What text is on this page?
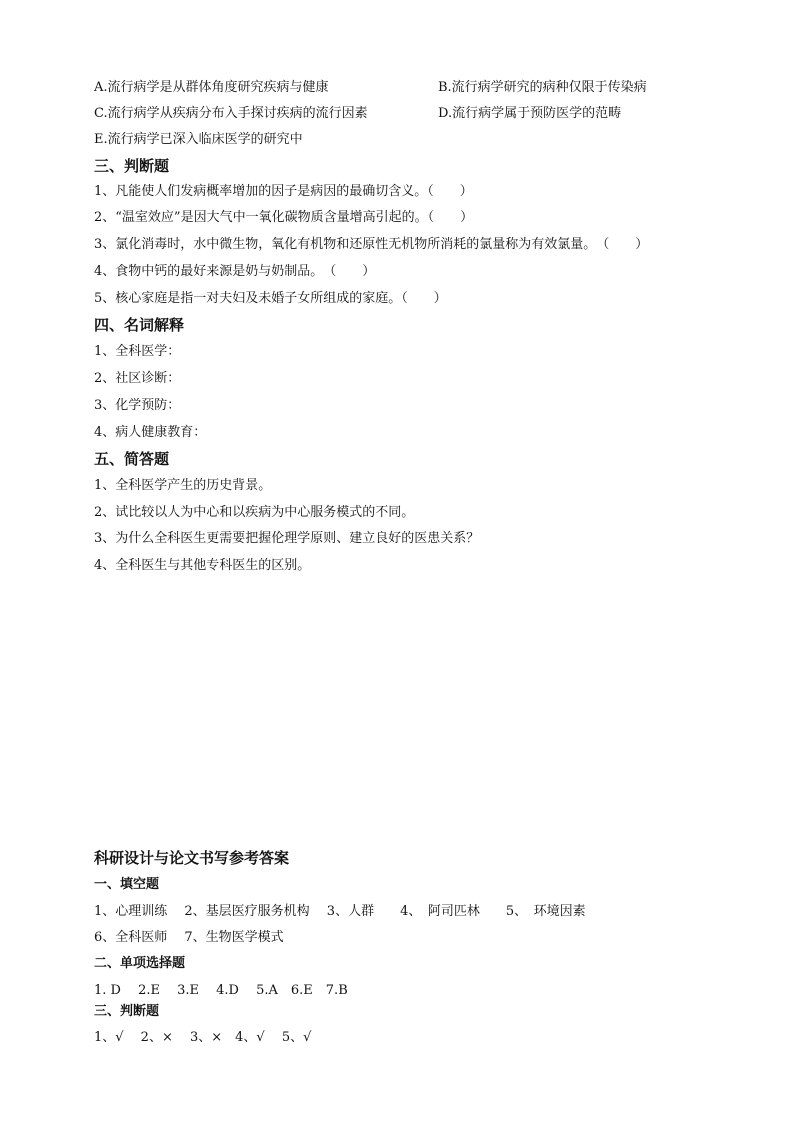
A.流行病学是从群体角度研究疾病与健康	B.流行病学研究的病种仅限于传染病
C.流行病学从疾病分布入手探讨疾病的流行因素	D.流行病学属于预防医学的范畴
E.流行病学已深入临床医学的研究中
三、判断题
1、凡能使人们发病概率增加的因子是病因的最确切含义。（　　）
2、“温室效应”是因大气中一氧化碳物质含量增高引起的。（　　）
3、氯化消毒时，水中微生物，氧化有机物和还原性无机物所消耗的氯量称为有效氯量。　（　　）
4、食物中钙的最好来源是奶与奶制品。　（　　）
5、核心家庭是指一对夫妇及未婚子女所组成的家庭。（　　）
四、名词解释
1、全科医学：
2、社区诊断：
3、化学预防：
4、病人健康教育：
五、简答题
1、全科医学产生的历史背景。
2、试比较以人为中心和以疾病为中心服务模式的不同。
3、为什么全科医生更需要把握伦理学原则、建立良好的医患关系？
4、全科医生与其他专科医生的区别。
科研设计与论文书写参考答案
一、填空题
1、心理训练　 2、基层医疗服务机构　 3、人群　　4、　阿司匹林　　5、　环境因素
6、全科医师　 7、生物医学模式
二、单项选择题
1. D　 2.E　 3.E　 4.D　 5.A　6.E　7.B
三、判断题
1、√　 2、×　 3、×　4、√　 5、√
